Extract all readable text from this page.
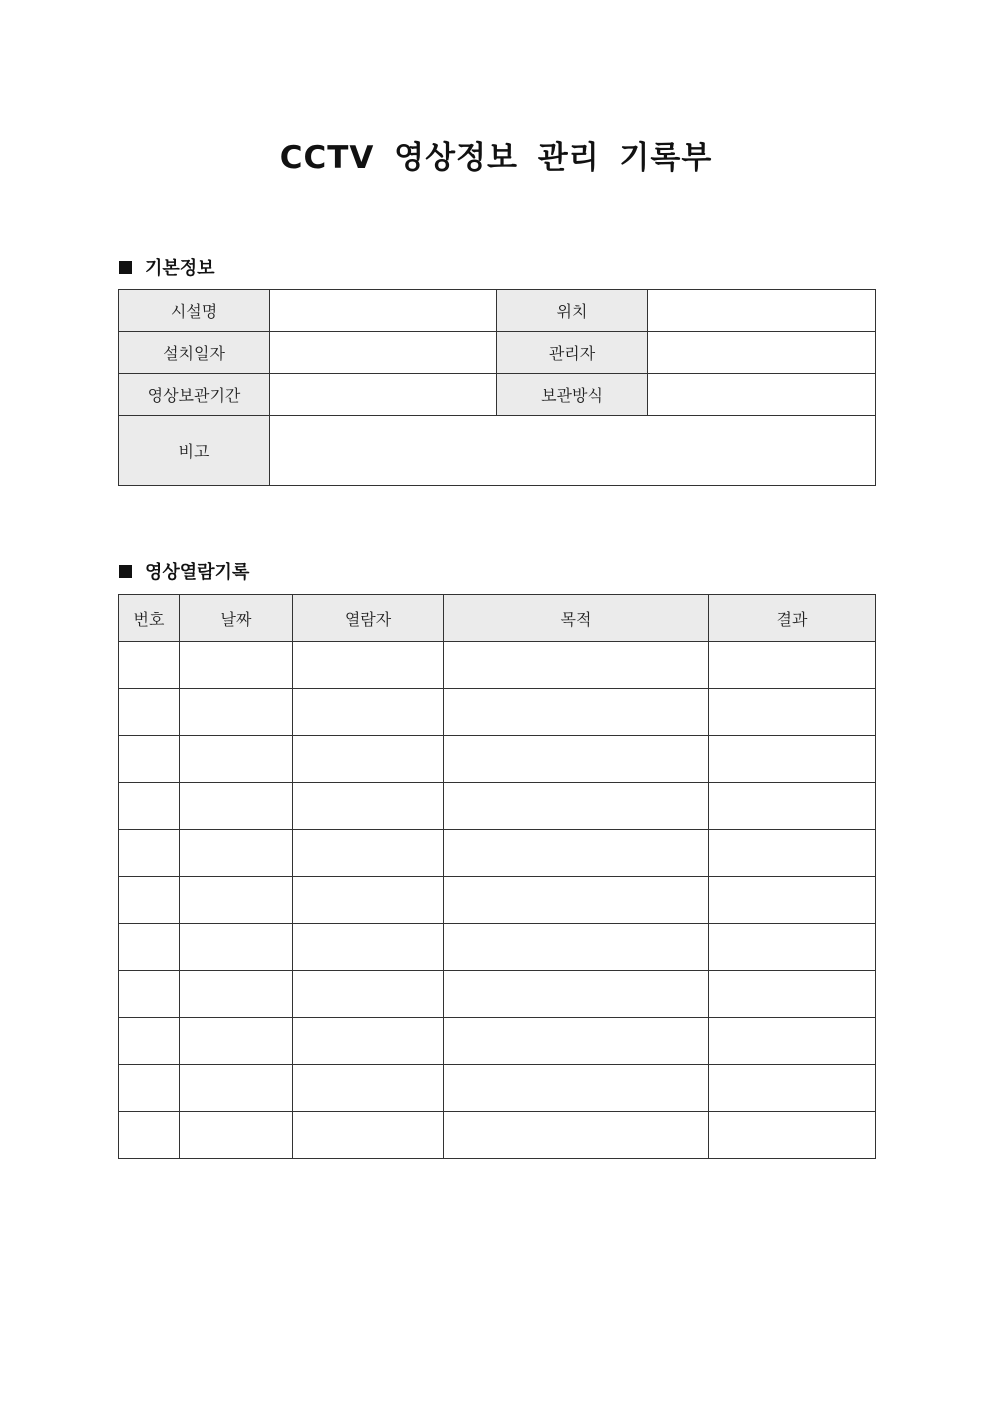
CCTV 영상정보 관리 기록부
기본정보
시설명		위치	
설치일자		관리자	
영상보관기간		보관방식	
비고			
영상열람기록
번호	날짜	열람자	목적	결과
